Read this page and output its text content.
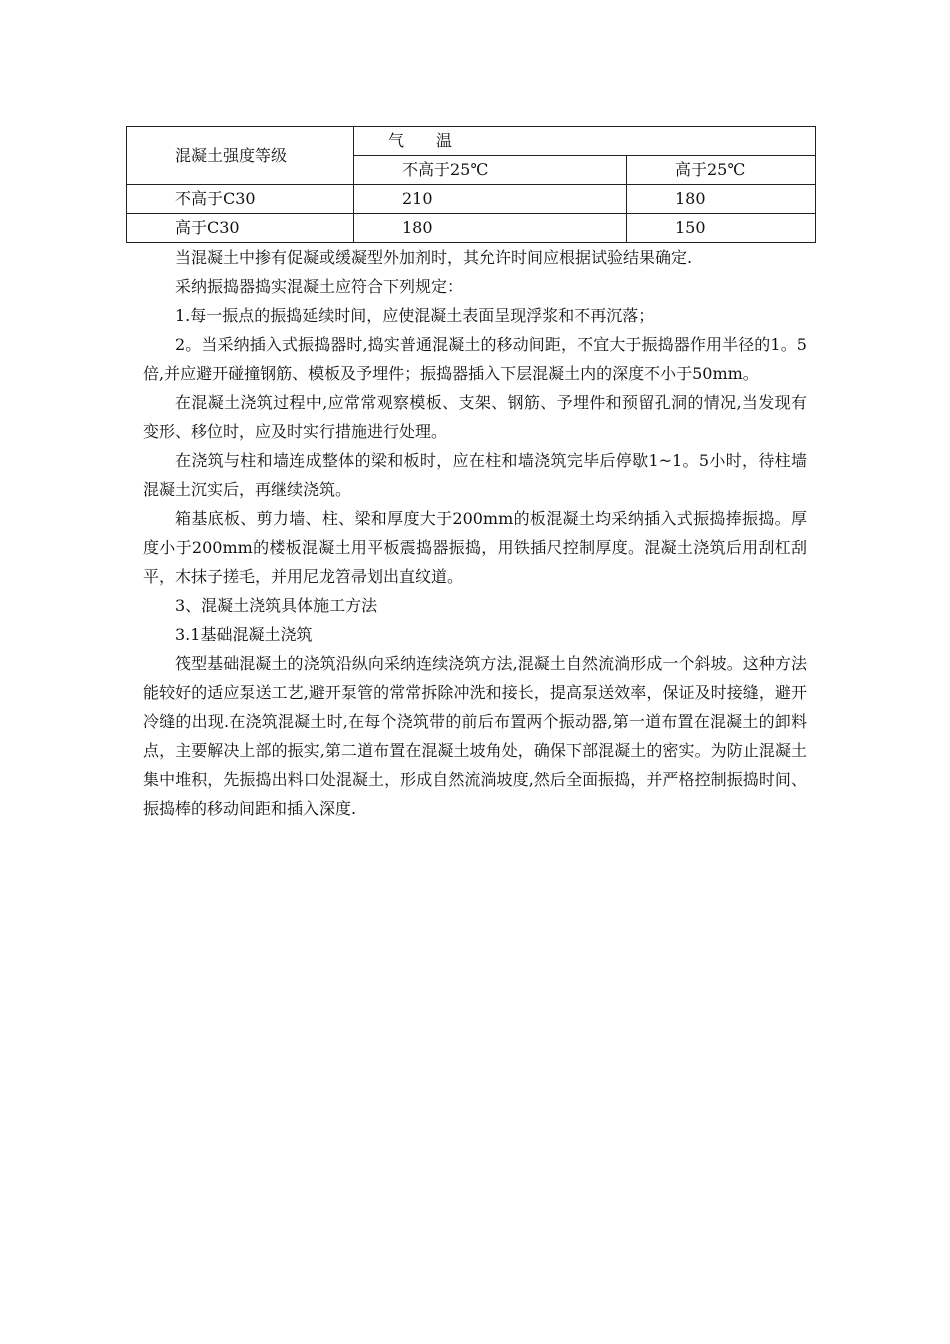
混凝土强度等级	气　　温	
	不高于25℃	高于25℃
不高于C30	210	180
高于C30	180	150

当混凝土中掺有促凝或缓凝型外加剂时，其允许时间应根据试验结果确定.

采纳振捣器捣实混凝土应符合下列规定：

1.每一振点的振捣延续时间，应使混凝土表面呈现浮浆和不再沉落；

2。当采纳插入式振捣器时,捣实普通混凝土的移动间距，不宜大于振捣器作用半径的1。5倍,并应避开碰撞钢筋、模板及予埋件；振捣器插入下层混凝土内的深度不小于50mm。

在混凝土浇筑过程中,应常常观察模板、支架、钢筋、予埋件和预留孔洞的情况,当发现有变形、移位时，应及时实行措施进行处理。

在浇筑与柱和墙连成整体的梁和板时，应在柱和墙浇筑完毕后停歇1~1。5小时，待柱墙混凝土沉实后，再继续浇筑。

箱基底板、剪力墙、柱、梁和厚度大于200mm的板混凝土均采纳插入式振捣捧振捣。厚度小于200mm的楼板混凝土用平板震捣器振捣，用铁插尺控制厚度。混凝土浇筑后用刮杠刮平，木抹子搓毛，并用尼龙笤帚划出直纹道。

3、混凝土浇筑具体施工方法

3.1基础混凝土浇筑

筏型基础混凝土的浇筑沿纵向采纳连续浇筑方法,混凝土自然流淌形成一个斜坡。这种方法能较好的适应泵送工艺,避开泵管的常常拆除冲洗和接长，提高泵送效率，保证及时接缝，避开冷缝的出现.在浇筑混凝土时,在每个浇筑带的前后布置两个振动器,第一道布置在混凝土的卸料点，主要解决上部的振实,第二道布置在混凝土坡角处，确保下部混凝土的密实。为防止混凝土集中堆积，先振捣出料口处混凝土，形成自然流淌坡度,然后全面振捣，并严格控制振捣时间、振捣棒的移动间距和插入深度.
